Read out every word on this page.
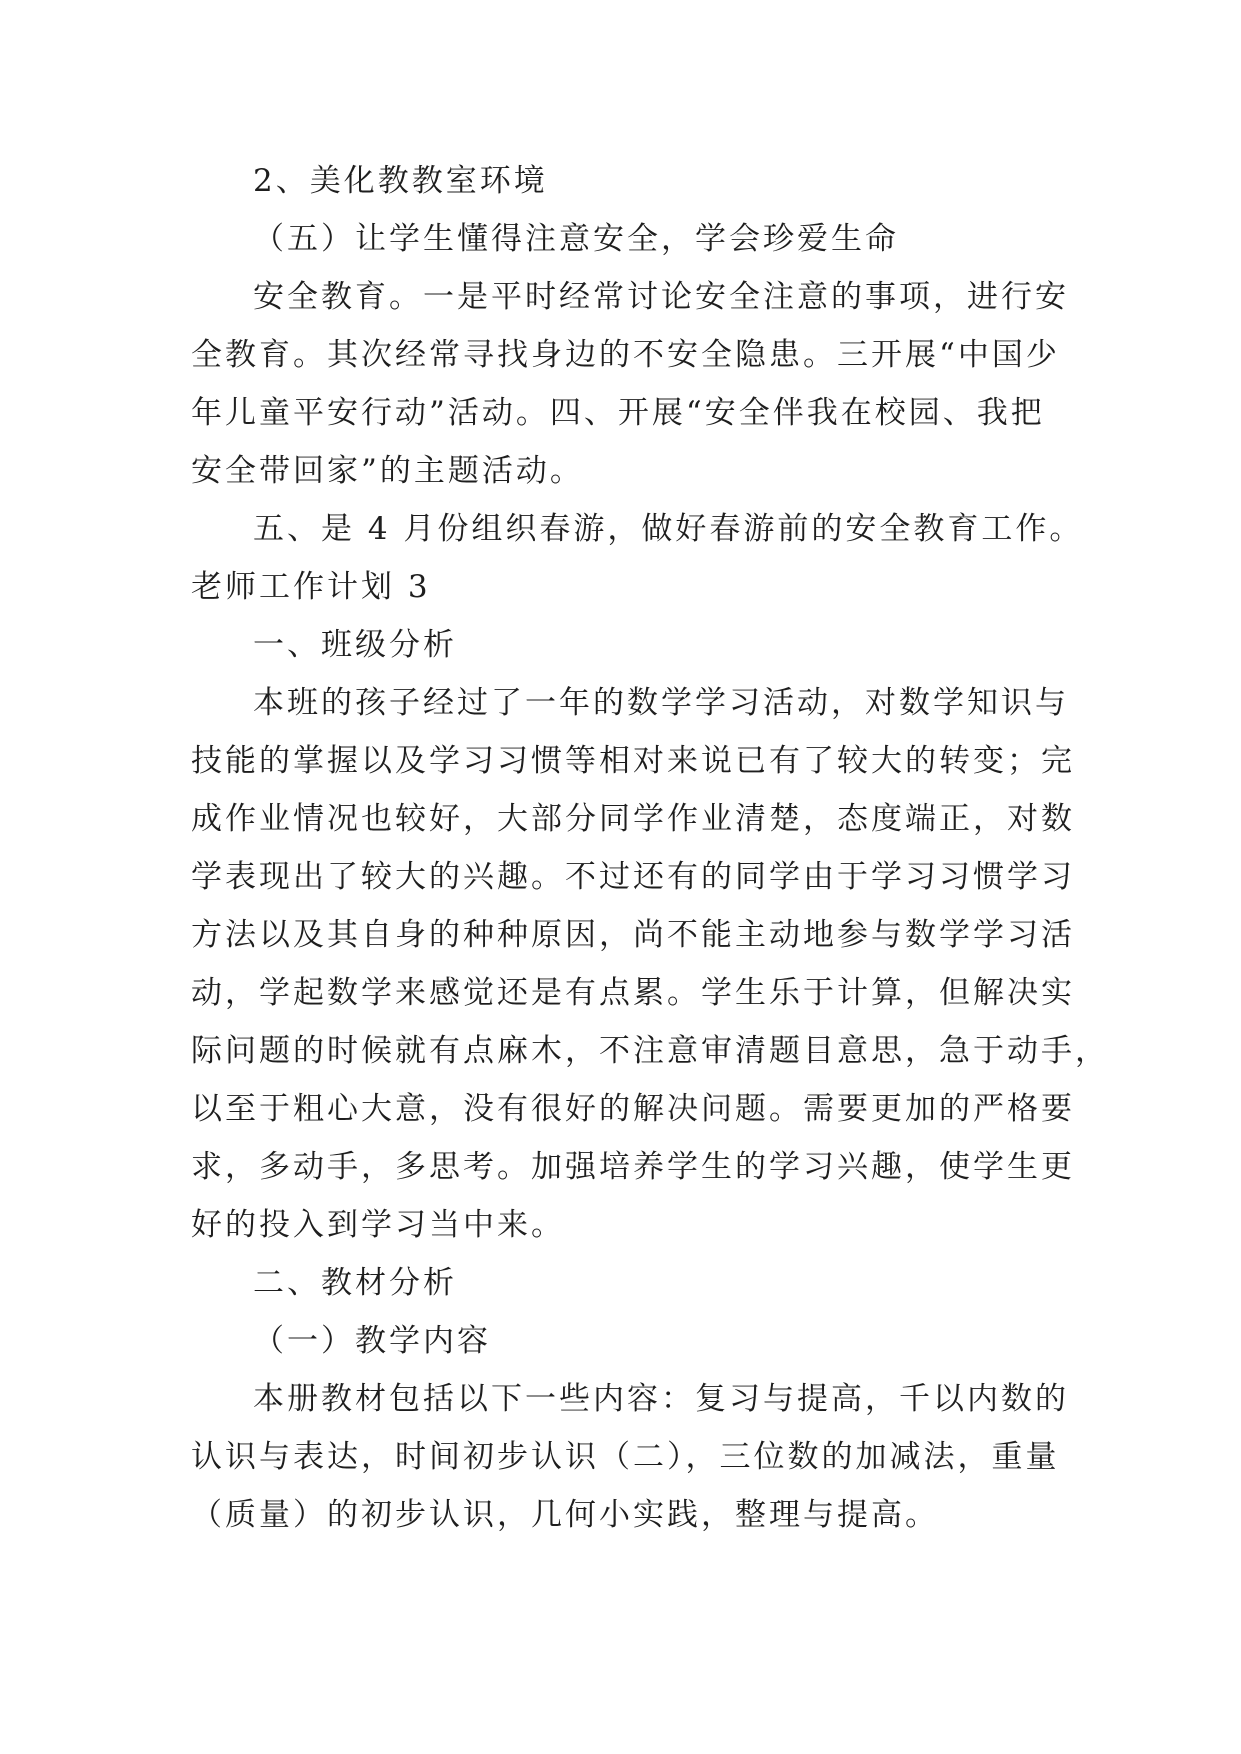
2、美化教教室环境
（五）让学生懂得注意安全，学会珍爱生命
安全教育。一是平时经常讨论安全注意的事项，进行安
全教育。其次经常寻找身边的不安全隐患。三开展“中国少
年儿童平安行动”活动。四、开展“安全伴我在校园、我把
安全带回家”的主题活动。
五、是 4 月份组织春游，做好春游前的安全教育工作。
老师工作计划 3
一、班级分析
本班的孩子经过了一年的数学学习活动，对数学知识与
技能的掌握以及学习习惯等相对来说已有了较大的转变；完
成作业情况也较好，大部分同学作业清楚，态度端正，对数
学表现出了较大的兴趣。不过还有的同学由于学习习惯学习
方法以及其自身的种种原因，尚不能主动地参与数学学习活
动，学起数学来感觉还是有点累。学生乐于计算，但解决实
际问题的时候就有点麻木，不注意审清题目意思，急于动手，
以至于粗心大意，没有很好的解决问题。需要更加的严格要
求，多动手，多思考。加强培养学生的学习兴趣，使学生更
好的投入到学习当中来。
二、教材分析
（一）教学内容
本册教材包括以下一些内容：复习与提高，千以内数的
认识与表达，时间初步认识（二），三位数的加减法，重量
（质量）的初步认识，几何小实践，整理与提高。
